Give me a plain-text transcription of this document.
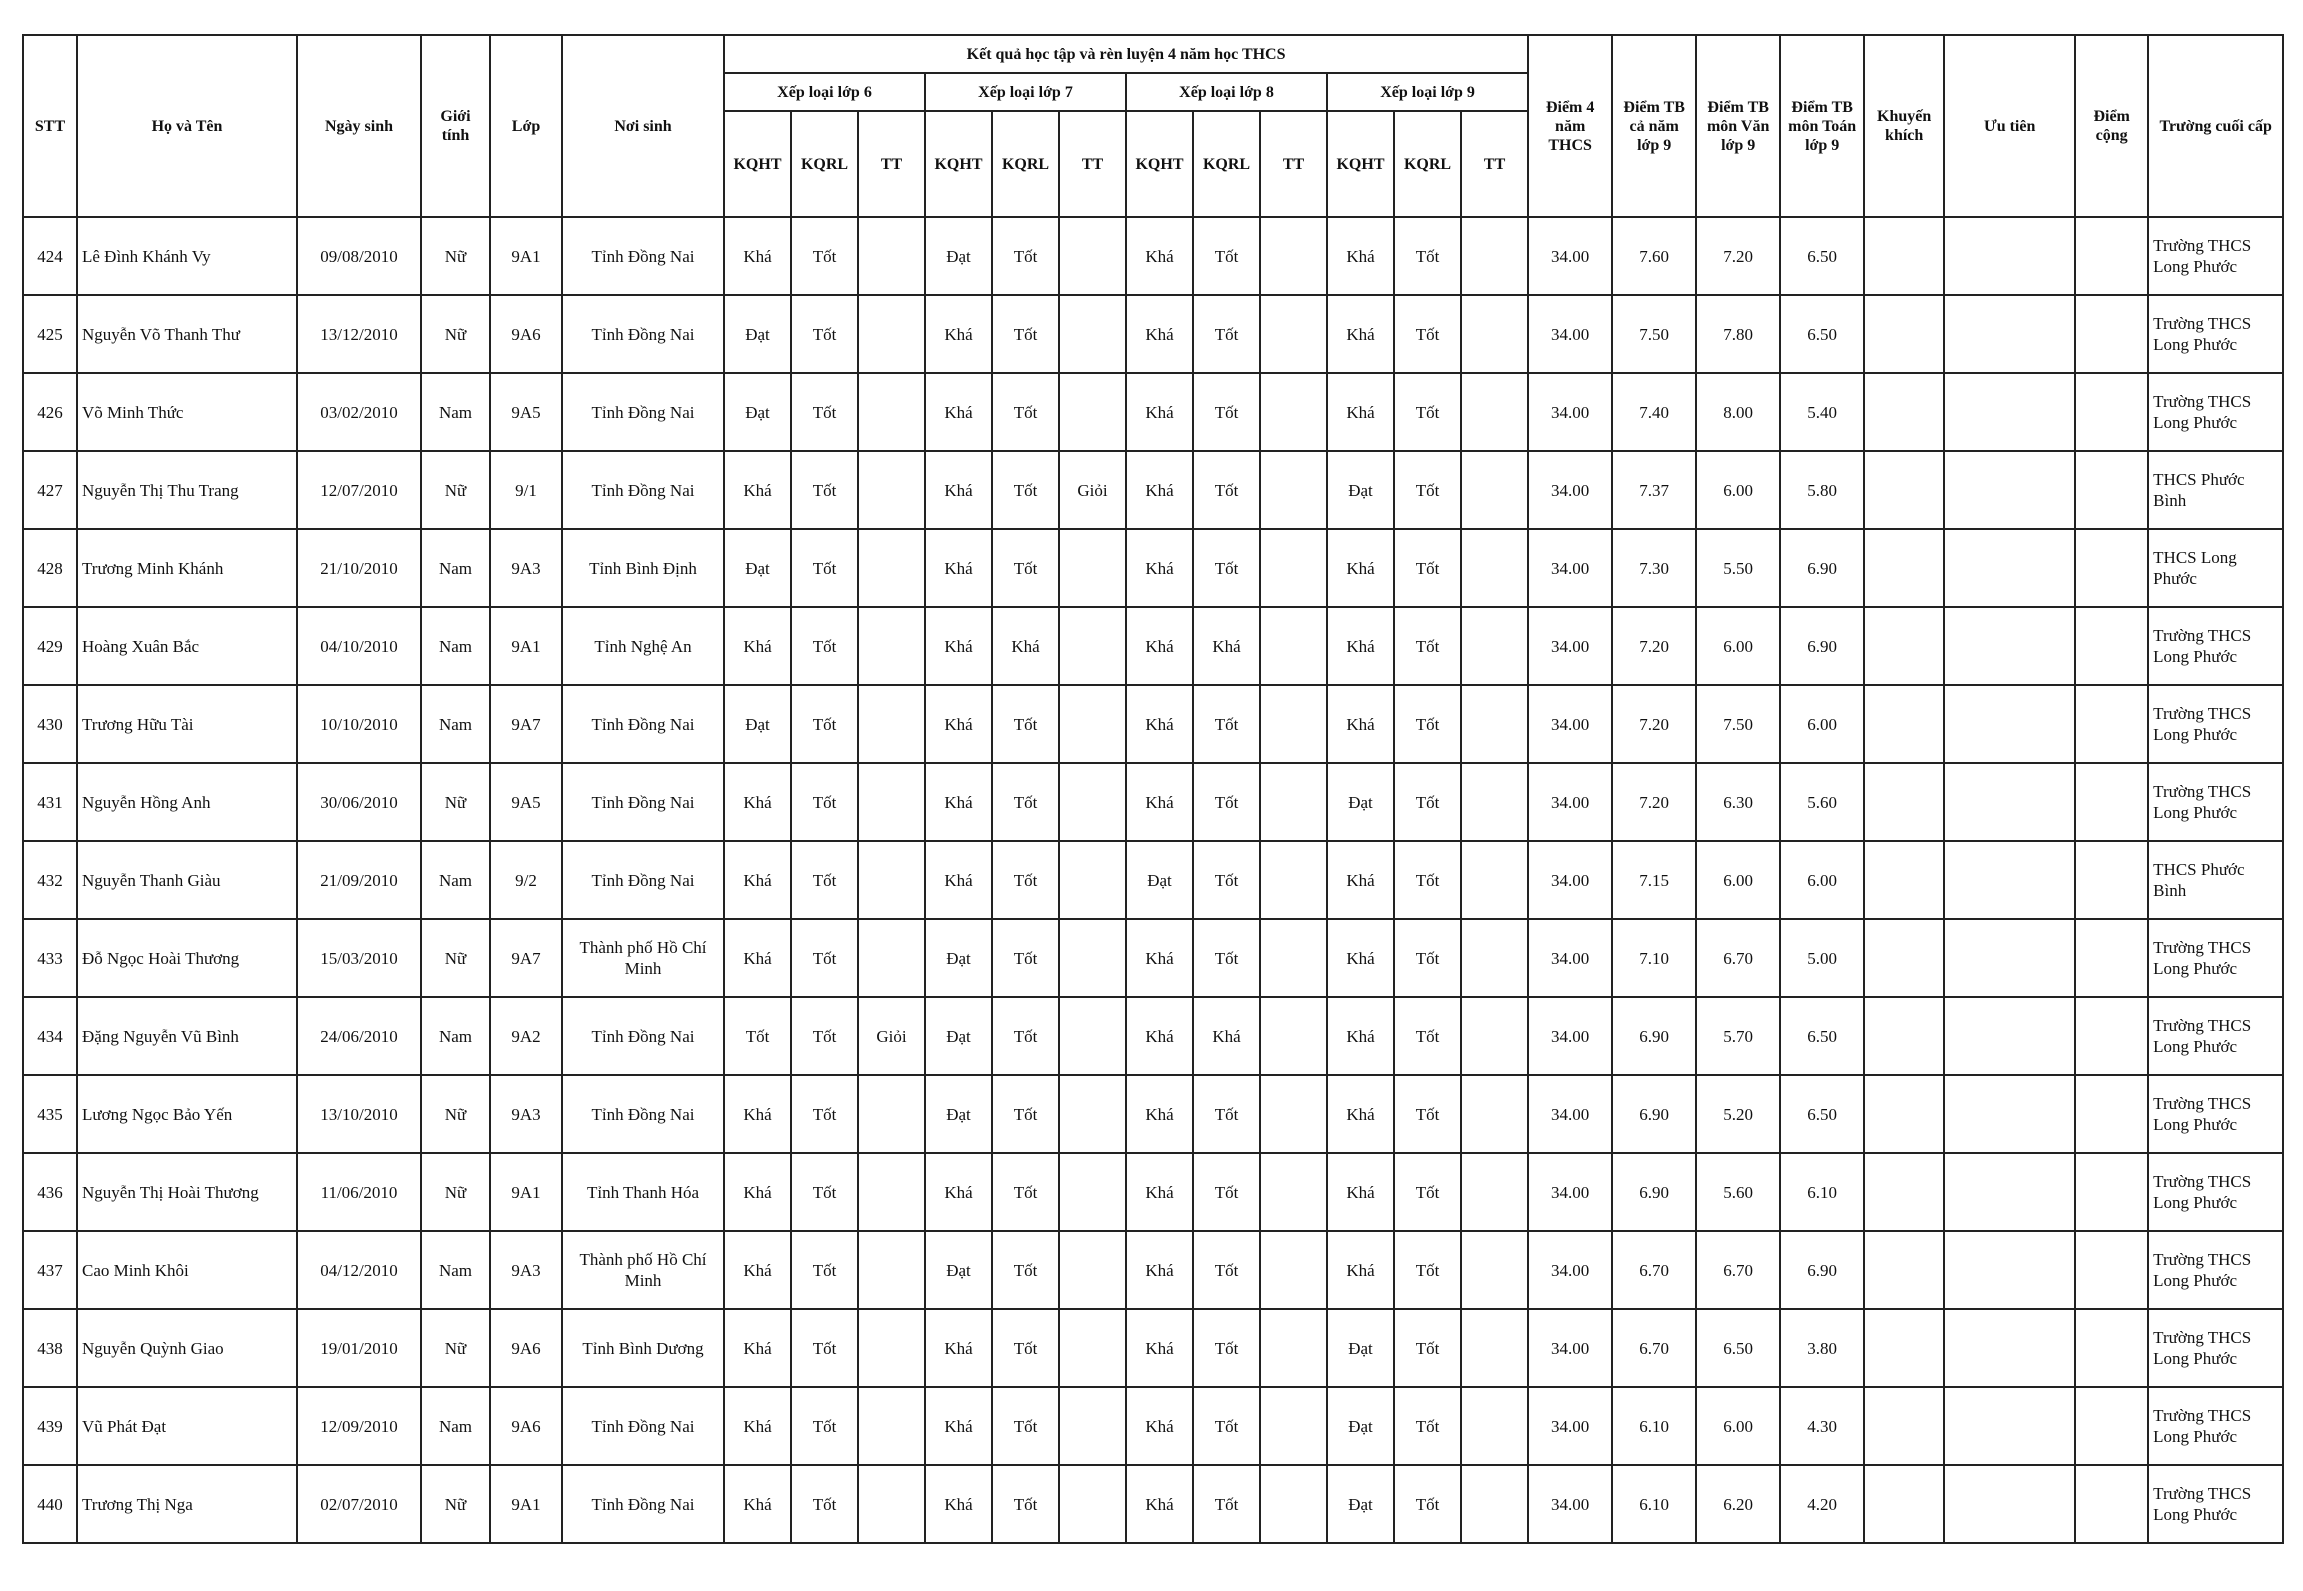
STT	Họ và Tên	Ngày sinh	Giới tính	Lớp	Nơi sinh	Kết quả học tập và rèn luyện 4 năm học THCS												Điểm 4 năm THCS	Điểm TB cả năm lớp 9	Điểm TB môn Văn lớp 9	Điểm TB môn Toán lớp 9	Khuyến khích	Ưu tiên	Điểm cộng	Trường cuối cấp
						Xếp loại lớp 6			Xếp loại lớp 7			Xếp loại lớp 8			Xếp loại lớp 9										
						KQHT	KQRL	TT	KQHT	KQRL	TT	KQHT	KQRL	TT	KQHT	KQRL	TT								
424	Lê Đình Khánh Vy	09/08/2010	Nữ	9A1	Tỉnh Đồng Nai	Khá	Tốt		Đạt	Tốt		Khá	Tốt		Khá	Tốt		34.00	7.60	7.20	6.50				Trường THCS Long Phước
425	Nguyễn Võ Thanh Thư	13/12/2010	Nữ	9A6	Tỉnh Đồng Nai	Đạt	Tốt		Khá	Tốt		Khá	Tốt		Khá	Tốt		34.00	7.50	7.80	6.50				Trường THCS Long Phước
426	Võ Minh Thức	03/02/2010	Nam	9A5	Tỉnh Đồng Nai	Đạt	Tốt		Khá	Tốt		Khá	Tốt		Khá	Tốt		34.00	7.40	8.00	5.40				Trường THCS Long Phước
427	Nguyễn Thị Thu Trang	12/07/2010	Nữ	9/1	Tỉnh Đồng Nai	Khá	Tốt		Khá	Tốt	Giỏi	Khá	Tốt		Đạt	Tốt		34.00	7.37	6.00	5.80				THCS Phước Bình
428	Trương Minh Khánh	21/10/2010	Nam	9A3	Tỉnh Bình Định	Đạt	Tốt		Khá	Tốt		Khá	Tốt		Khá	Tốt		34.00	7.30	5.50	6.90				THCS Long Phước
429	Hoàng Xuân Bắc	04/10/2010	Nam	9A1	Tỉnh Nghệ An	Khá	Tốt		Khá	Khá		Khá	Khá		Khá	Tốt		34.00	7.20	6.00	6.90				Trường THCS Long Phước
430	Trương Hữu Tài	10/10/2010	Nam	9A7	Tỉnh Đồng Nai	Đạt	Tốt		Khá	Tốt		Khá	Tốt		Khá	Tốt		34.00	7.20	7.50	6.00				Trường THCS Long Phước
431	Nguyễn Hồng Anh	30/06/2010	Nữ	9A5	Tỉnh Đồng Nai	Khá	Tốt		Khá	Tốt		Khá	Tốt		Đạt	Tốt		34.00	7.20	6.30	5.60				Trường THCS Long Phước
432	Nguyễn Thanh Giàu	21/09/2010	Nam	9/2	Tỉnh Đồng Nai	Khá	Tốt		Khá	Tốt		Đạt	Tốt		Khá	Tốt		34.00	7.15	6.00	6.00				THCS Phước Bình
433	Đỗ Ngọc Hoài Thương	15/03/2010	Nữ	9A7	Thành phố Hồ Chí Minh	Khá	Tốt		Đạt	Tốt		Khá	Tốt		Khá	Tốt		34.00	7.10	6.70	5.00				Trường THCS Long Phước
434	Đặng Nguyễn Vũ Bình	24/06/2010	Nam	9A2	Tỉnh Đồng Nai	Tốt	Tốt	Giỏi	Đạt	Tốt		Khá	Khá		Khá	Tốt		34.00	6.90	5.70	6.50				Trường THCS Long Phước
435	Lương Ngọc Bảo Yến	13/10/2010	Nữ	9A3	Tỉnh Đồng Nai	Khá	Tốt		Đạt	Tốt		Khá	Tốt		Khá	Tốt		34.00	6.90	5.20	6.50				Trường THCS Long Phước
436	Nguyễn Thị Hoài Thương	11/06/2010	Nữ	9A1	Tỉnh Thanh Hóa	Khá	Tốt		Khá	Tốt		Khá	Tốt		Khá	Tốt		34.00	6.90	5.60	6.10				Trường THCS Long Phước
437	Cao Minh Khôi	04/12/2010	Nam	9A3	Thành phố Hồ Chí Minh	Khá	Tốt		Đạt	Tốt		Khá	Tốt		Khá	Tốt		34.00	6.70	6.70	6.90				Trường THCS Long Phước
438	Nguyễn Quỳnh Giao	19/01/2010	Nữ	9A6	Tỉnh Bình Dương	Khá	Tốt		Khá	Tốt		Khá	Tốt		Đạt	Tốt		34.00	6.70	6.50	3.80				Trường THCS Long Phước
439	Vũ Phát Đạt	12/09/2010	Nam	9A6	Tỉnh Đồng Nai	Khá	Tốt		Khá	Tốt		Khá	Tốt		Đạt	Tốt		34.00	6.10	6.00	4.30				Trường THCS Long Phước
440	Trương Thị Nga	02/07/2010	Nữ	9A1	Tỉnh Đồng Nai	Khá	Tốt		Khá	Tốt		Khá	Tốt		Đạt	Tốt		34.00	6.10	6.20	4.20				Trường THCS Long Phước
